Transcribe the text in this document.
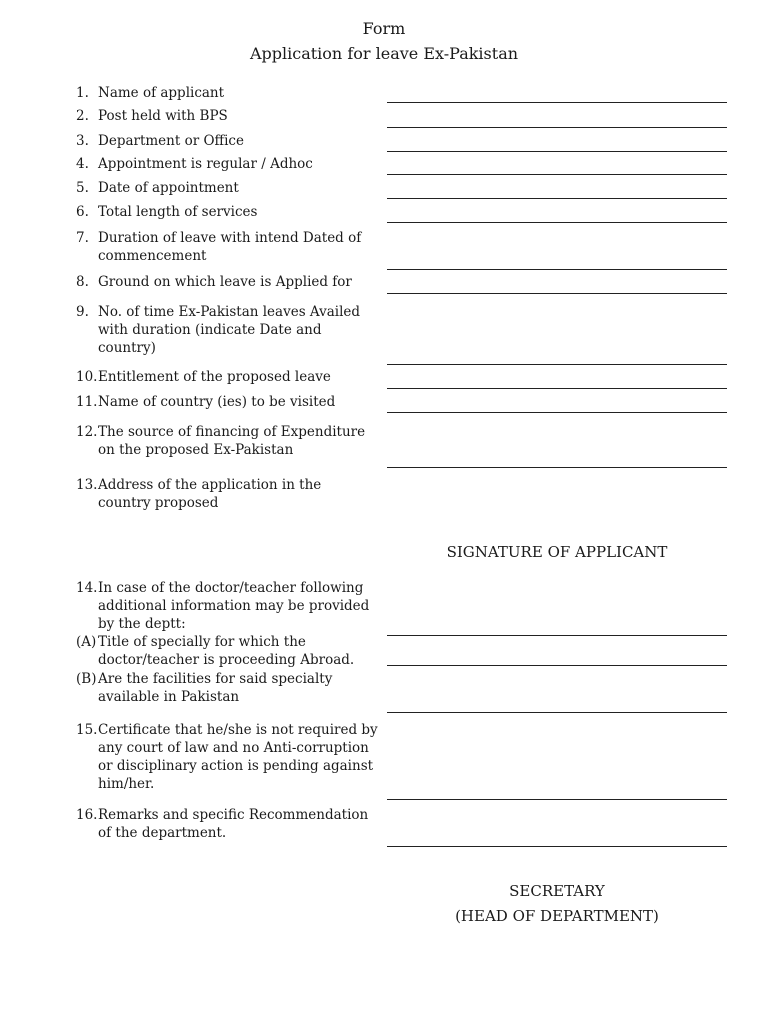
Form
Application for leave Ex-Pakistan
1. Name of applicant
2. Post held with BPS
3. Department or Office
4. Appointment is regular / Adhoc
5. Date of appointment
6. Total length of services
7. Duration of leave with intend Dated of commencement
8. Ground on which leave is Applied for
9. No. of time Ex-Pakistan leaves Availed with duration (indicate Date and country)
10. Entitlement of the proposed leave
11. Name of country (ies) to be visited
12. The source of financing of Expenditure on the proposed Ex-Pakistan
13. Address of the application in the country proposed
SIGNATURE OF APPLICANT
14. In case of the doctor/teacher following additional information may be provided by the deptt:
(A) Title of specially for which the doctor/teacher is proceeding Abroad.
(B) Are the facilities for said specialty available in Pakistan
15. Certificate that he/she is not required by any court of law and no Anti-corruption or disciplinary action is pending against him/her.
16. Remarks and specific Recommendation of the department.
SECRETARY
(HEAD OF DEPARTMENT)
